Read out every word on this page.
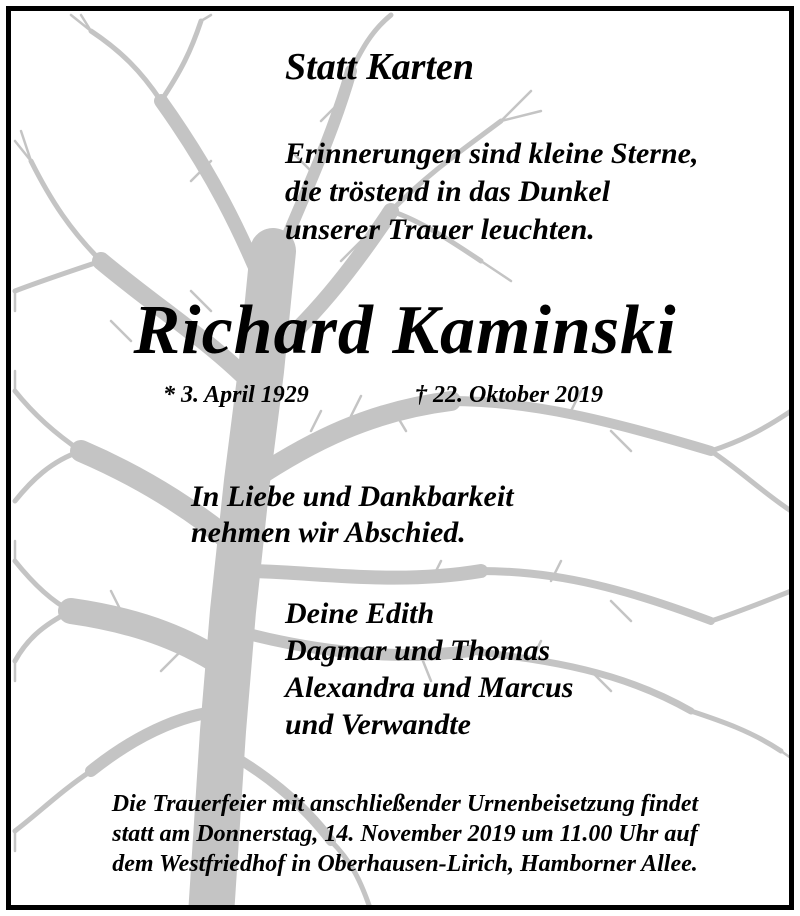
Statt Karten

Erinnerungen sind kleine Sterne,
die tröstend in das Dunkel
unserer Trauer leuchten.

Richard Kaminski

* 3. April 1929	† 22. Oktober 2019

In Liebe und Dankbarkeit
nehmen wir Abschied.
Deine Edith
Dagmar und Thomas
Alexandra und Marcus
und Verwandte
Die Trauerfeier mit anschließender Urnenbeisetzung findet
statt am Donnerstag, 14. November 2019 um 11.00 Uhr auf
dem Westfriedhof in Oberhausen-Lirich, Hamborner Allee.
